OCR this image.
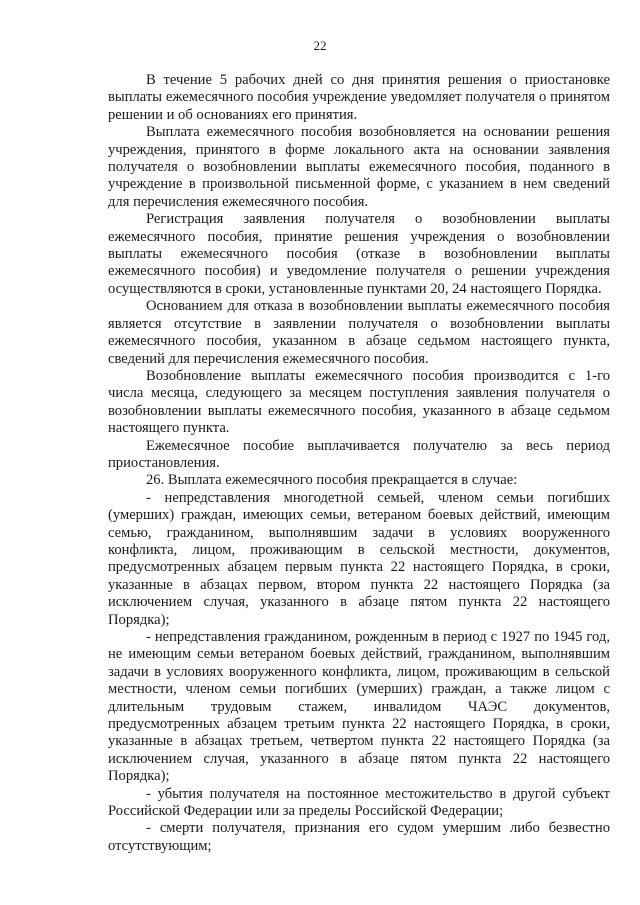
22

В течение 5 рабочих дней со дня принятия решения о приостановке выплаты ежемесячного пособия учреждение уведомляет получателя о принятом решении и об основаниях его принятия.

Выплата ежемесячного пособия возобновляется на основании решения учреждения, принятого в форме локального акта на основании заявления получателя о возобновлении выплаты ежемесячного пособия, поданного в учреждение в произвольной письменной форме, с указанием в нем сведений для перечисления ежемесячного пособия.

Регистрация заявления получателя о возобновлении выплаты ежемесячного пособия, принятие решения учреждения о возобновлении выплаты ежемесячного пособия (отказе в возобновлении выплаты ежемесячного пособия) и уведомление получателя о решении учреждения осуществляются в сроки, установленные пунктами 20, 24 настоящего Порядка.

Основанием для отказа в возобновлении выплаты ежемесячного пособия является отсутствие в заявлении получателя о возобновлении выплаты ежемесячного пособия, указанном в абзаце седьмом настоящего пункта, сведений для перечисления ежемесячного пособия.

Возобновление выплаты ежемесячного пособия производится с 1-го числа месяца, следующего за месяцем поступления заявления получателя о возобновлении выплаты ежемесячного пособия, указанного в абзаце седьмом настоящего пункта.

Ежемесячное пособие выплачивается получателю за весь период приостановления.

26. Выплата ежемесячного пособия прекращается в случае:

- непредставления многодетной семьей, членом семьи погибших (умерших) граждан, имеющих семьи, ветераном боевых действий, имеющим семью, гражданином, выполнявшим задачи в условиях вооруженного конфликта, лицом, проживающим в сельской местности, документов, предусмотренных абзацем первым пункта 22 настоящего Порядка, в сроки, указанные в абзацах первом, втором пункта 22 настоящего Порядка (за исключением случая, указанного в абзаце пятом пункта 22 настоящего Порядка);

- непредставления гражданином, рожденным в период с 1927 по 1945 год, не имеющим семьи ветераном боевых действий, гражданином, выполнявшим задачи в условиях вооруженного конфликта, лицом, проживающим в сельской местности, членом семьи погибших (умерших) граждан, а также лицом с длительным трудовым стажем, инвалидом ЧАЭС документов, предусмотренных абзацем третьим пункта 22 настоящего Порядка, в сроки, указанные в абзацах третьем, четвертом пункта 22 настоящего Порядка (за исключением случая, указанного в абзаце пятом пункта 22 настоящего Порядка);

- убытия получателя на постоянное местожительство в другой субъект Российской Федерации или за пределы Российской Федерации;

- смерти получателя, признания его судом умершим либо безвестно отсутствующим;
